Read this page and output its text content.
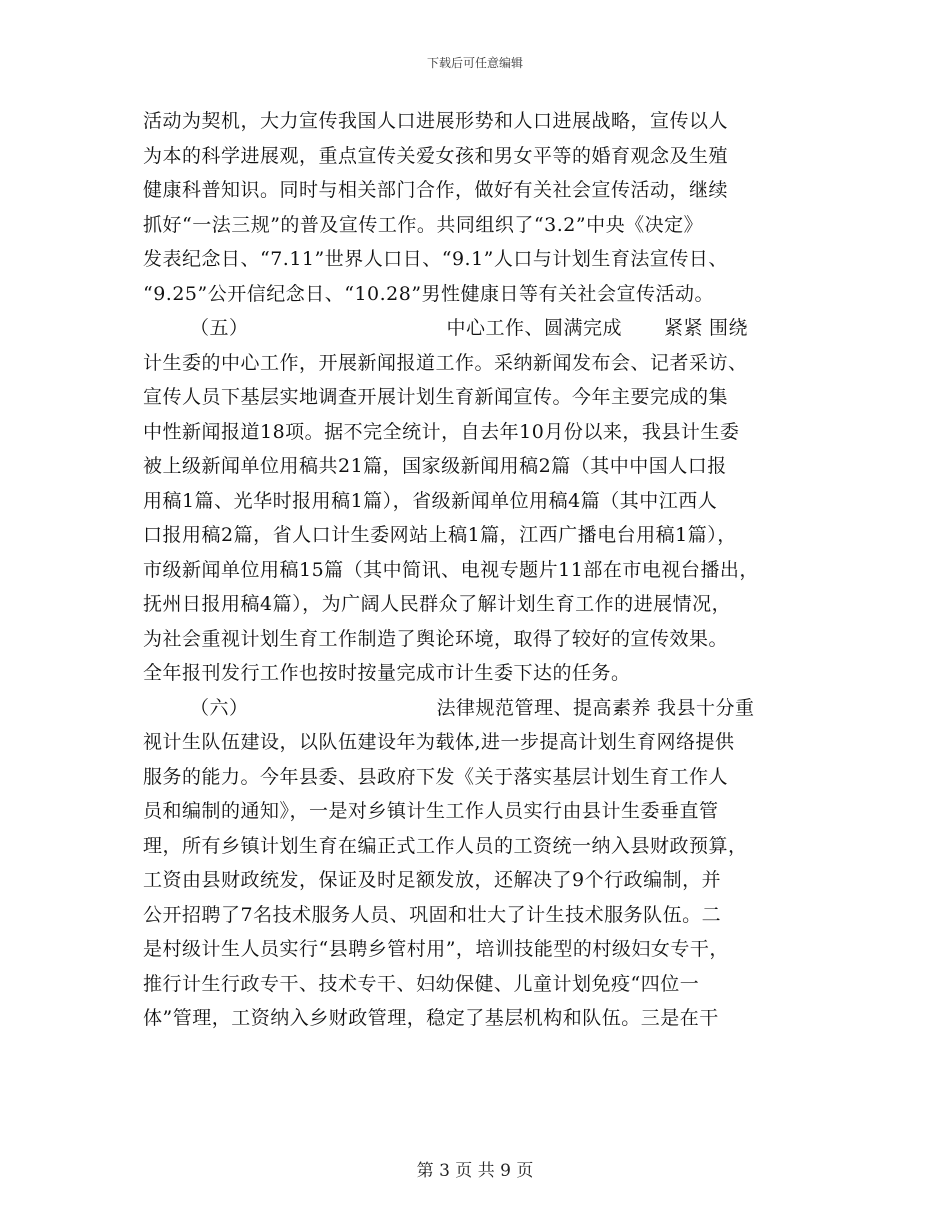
下载后可任意编辑
活动为契机，大力宣传我国人口进展形势和人口进展战略，宣传以人
为本的科学进展观，重点宣传关爱女孩和男女平等的婚育观念及生殖
健康科普知识。同时与相关部门合作，做好有关社会宣传活动，继续
抓好“一法三规”的普及宣传工作。共同组织了“3.2”中央《决定》
发表纪念日、“7.11”世界人口日、“9.1”人口与计划生育法宣传日、
“9.25”公开信纪念日、“10.28”男性健康日等有关社会宣传活动。
（五）	中心工作、圆满完成 紧紧 围绕
计生委的中心工作，开展新闻报道工作。采纳新闻发布会、记者采访、
宣传人员下基层实地调查开展计划生育新闻宣传。今年主要完成的集
中性新闻报道18项。据不完全统计，自去年10月份以来，我县计生委
被上级新闻单位用稿共21篇，国家级新闻用稿2篇（其中中国人口报
用稿1篇、光华时报用稿1篇），省级新闻单位用稿4篇（其中江西人
口报用稿2篇，省人口计生委网站上稿1篇，江西广播电台用稿1篇），
市级新闻单位用稿15篇（其中简讯、电视专题片11部在市电视台播出，
抚州日报用稿4篇），为广阔人民群众了解计划生育工作的进展情况，
为社会重视计划生育工作制造了舆论环境，取得了较好的宣传效果。
全年报刊发行工作也按时按量完成市计生委下达的任务。
（六）	法律规范管理、提高素养 我县十分重
视计生队伍建设，以队伍建设年为载体,进一步提高计划生育网络提供
服务的能力。今年县委、县政府下发《关于落实基层计划生育工作人
员和编制的通知》，一是对乡镇计生工作人员实行由县计生委垂直管
理，所有乡镇计划生育在编正式工作人员的工资统一纳入县财政预算，
工资由县财政统发，保证及时足额发放，还解决了9个行政编制，并
公开招聘了7名技术服务人员、巩固和壮大了计生技术服务队伍。二
是村级计生人员实行“县聘乡管村用”，培训技能型的村级妇女专干，
推行计生行政专干、技术专干、妇幼保健、儿童计划免疫“四位一
体”管理，工资纳入乡财政管理，稳定了基层机构和队伍。三是在干
第 3 页 共 9 页
